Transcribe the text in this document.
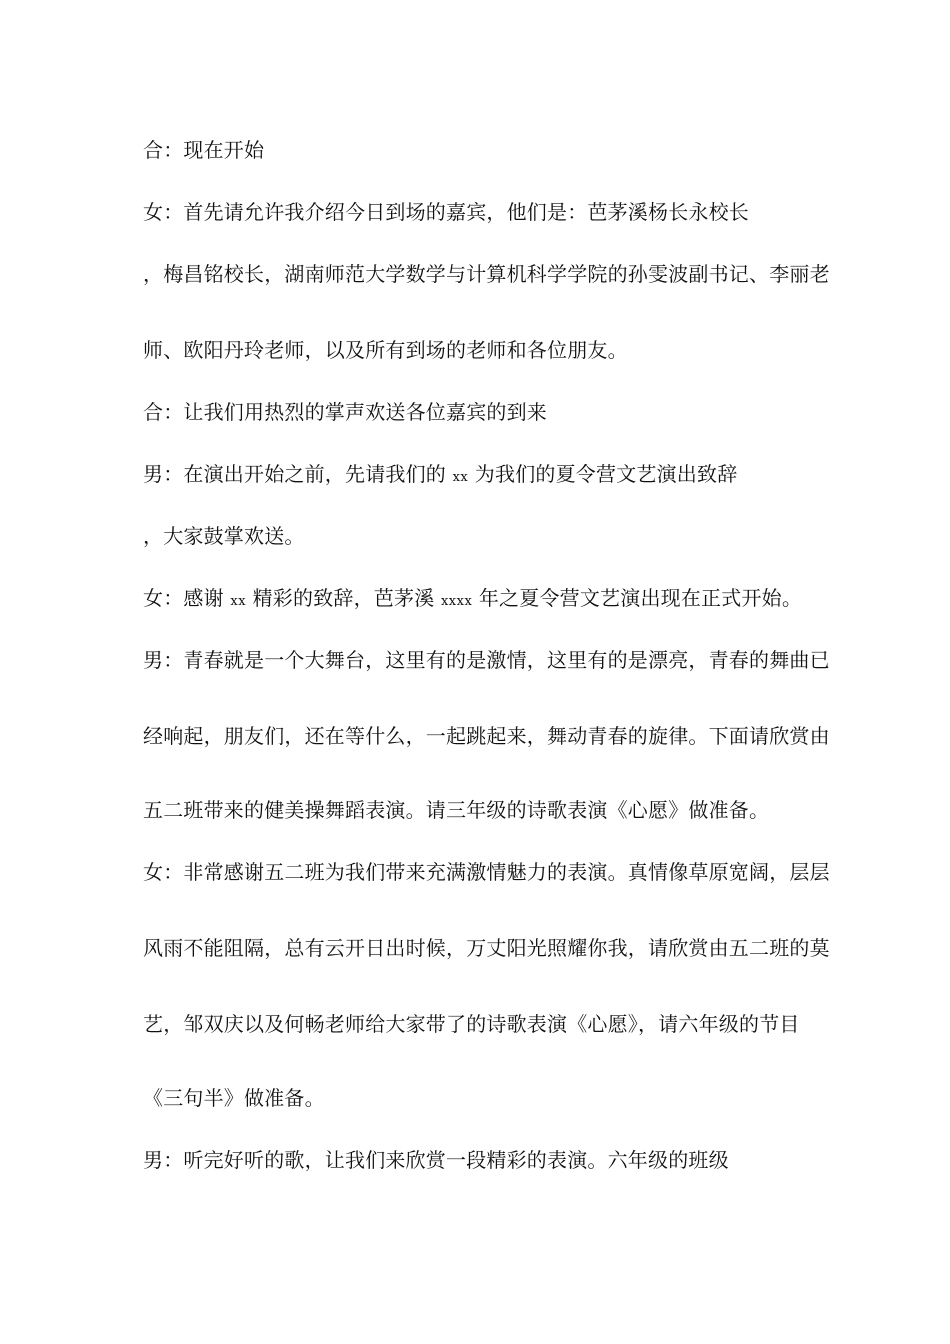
合：现在开始

女：首先请允许我介绍今日到场的嘉宾，他们是：芭茅溪杨长永校长

，梅昌铭校长，湖南师范大学数学与计算机科学学院的孙雯波副书记、李丽老

师、欧阳丹玲老师，以及所有到场的老师和各位朋友。

合：让我们用热烈的掌声欢送各位嘉宾的到来

男：在演出开始之前，先请我们的 xx 为我们的夏令营文艺演出致辞

，大家鼓掌欢送。

女：感谢 xx 精彩的致辞，芭茅溪 xxxx 年之夏令营文艺演出现在正式开始。

男：青春就是一个大舞台，这里有的是激情，这里有的是漂亮，青春的舞曲已

经响起，朋友们，还在等什么，一起跳起来，舞动青春的旋律。下面请欣赏由

五二班带来的健美操舞蹈表演。请三年级的诗歌表演《心愿》做准备。

女：非常感谢五二班为我们带来充满激情魅力的表演。真情像草原宽阔，层层

风雨不能阻隔，总有云开日出时候，万丈阳光照耀你我，请欣赏由五二班的莫

艺，邹双庆以及何畅老师给大家带了的诗歌表演《心愿》，请六年级的节目

《三句半》做准备。

男：听完好听的歌，让我们来欣赏一段精彩的表演。六年级的班级
